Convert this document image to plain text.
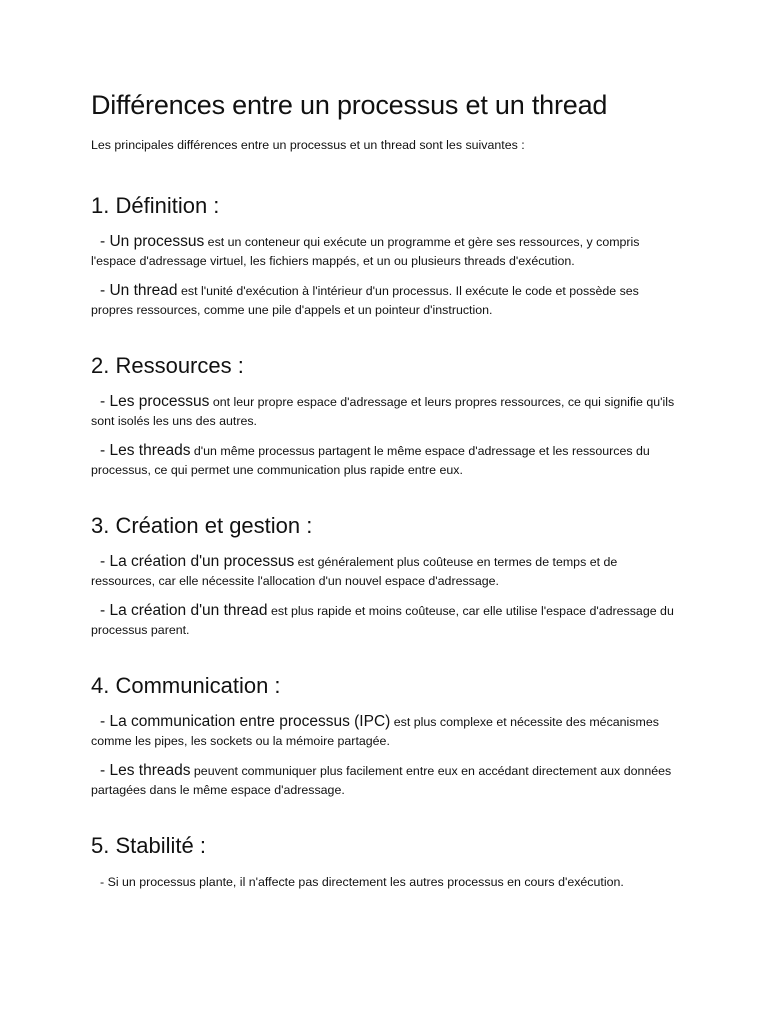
Différences entre un processus et un thread

Les principales différences entre un processus et un thread sont les suivantes :

1. Définition :

- Un processus est un conteneur qui exécute un programme et gère ses ressources, y compris l'espace d'adressage virtuel, les fichiers mappés, et un ou plusieurs threads d'exécution.

- Un thread est l'unité d'exécution à l'intérieur d'un processus. Il exécute le code et possède ses propres ressources, comme une pile d'appels et un pointeur d'instruction.

2. Ressources :

- Les processus ont leur propre espace d'adressage et leurs propres ressources, ce qui signifie qu'ils sont isolés les uns des autres.

- Les threads d'un même processus partagent le même espace d'adressage et les ressources du processus, ce qui permet une communication plus rapide entre eux.

3. Création et gestion :

- La création d'un processus est généralement plus coûteuse en termes de temps et de ressources, car elle nécessite l'allocation d'un nouvel espace d'adressage.

- La création d'un thread est plus rapide et moins coûteuse, car elle utilise l'espace d'adressage du processus parent.

4. Communication :

- La communication entre processus (IPC) est plus complexe et nécessite des mécanismes comme les pipes, les sockets ou la mémoire partagée.

- Les threads peuvent communiquer plus facilement entre eux en accédant directement aux données partagées dans le même espace d'adressage.

5. Stabilité :

- Si un processus plante, il n'affecte pas directement les autres processus en cours d'exécution.
